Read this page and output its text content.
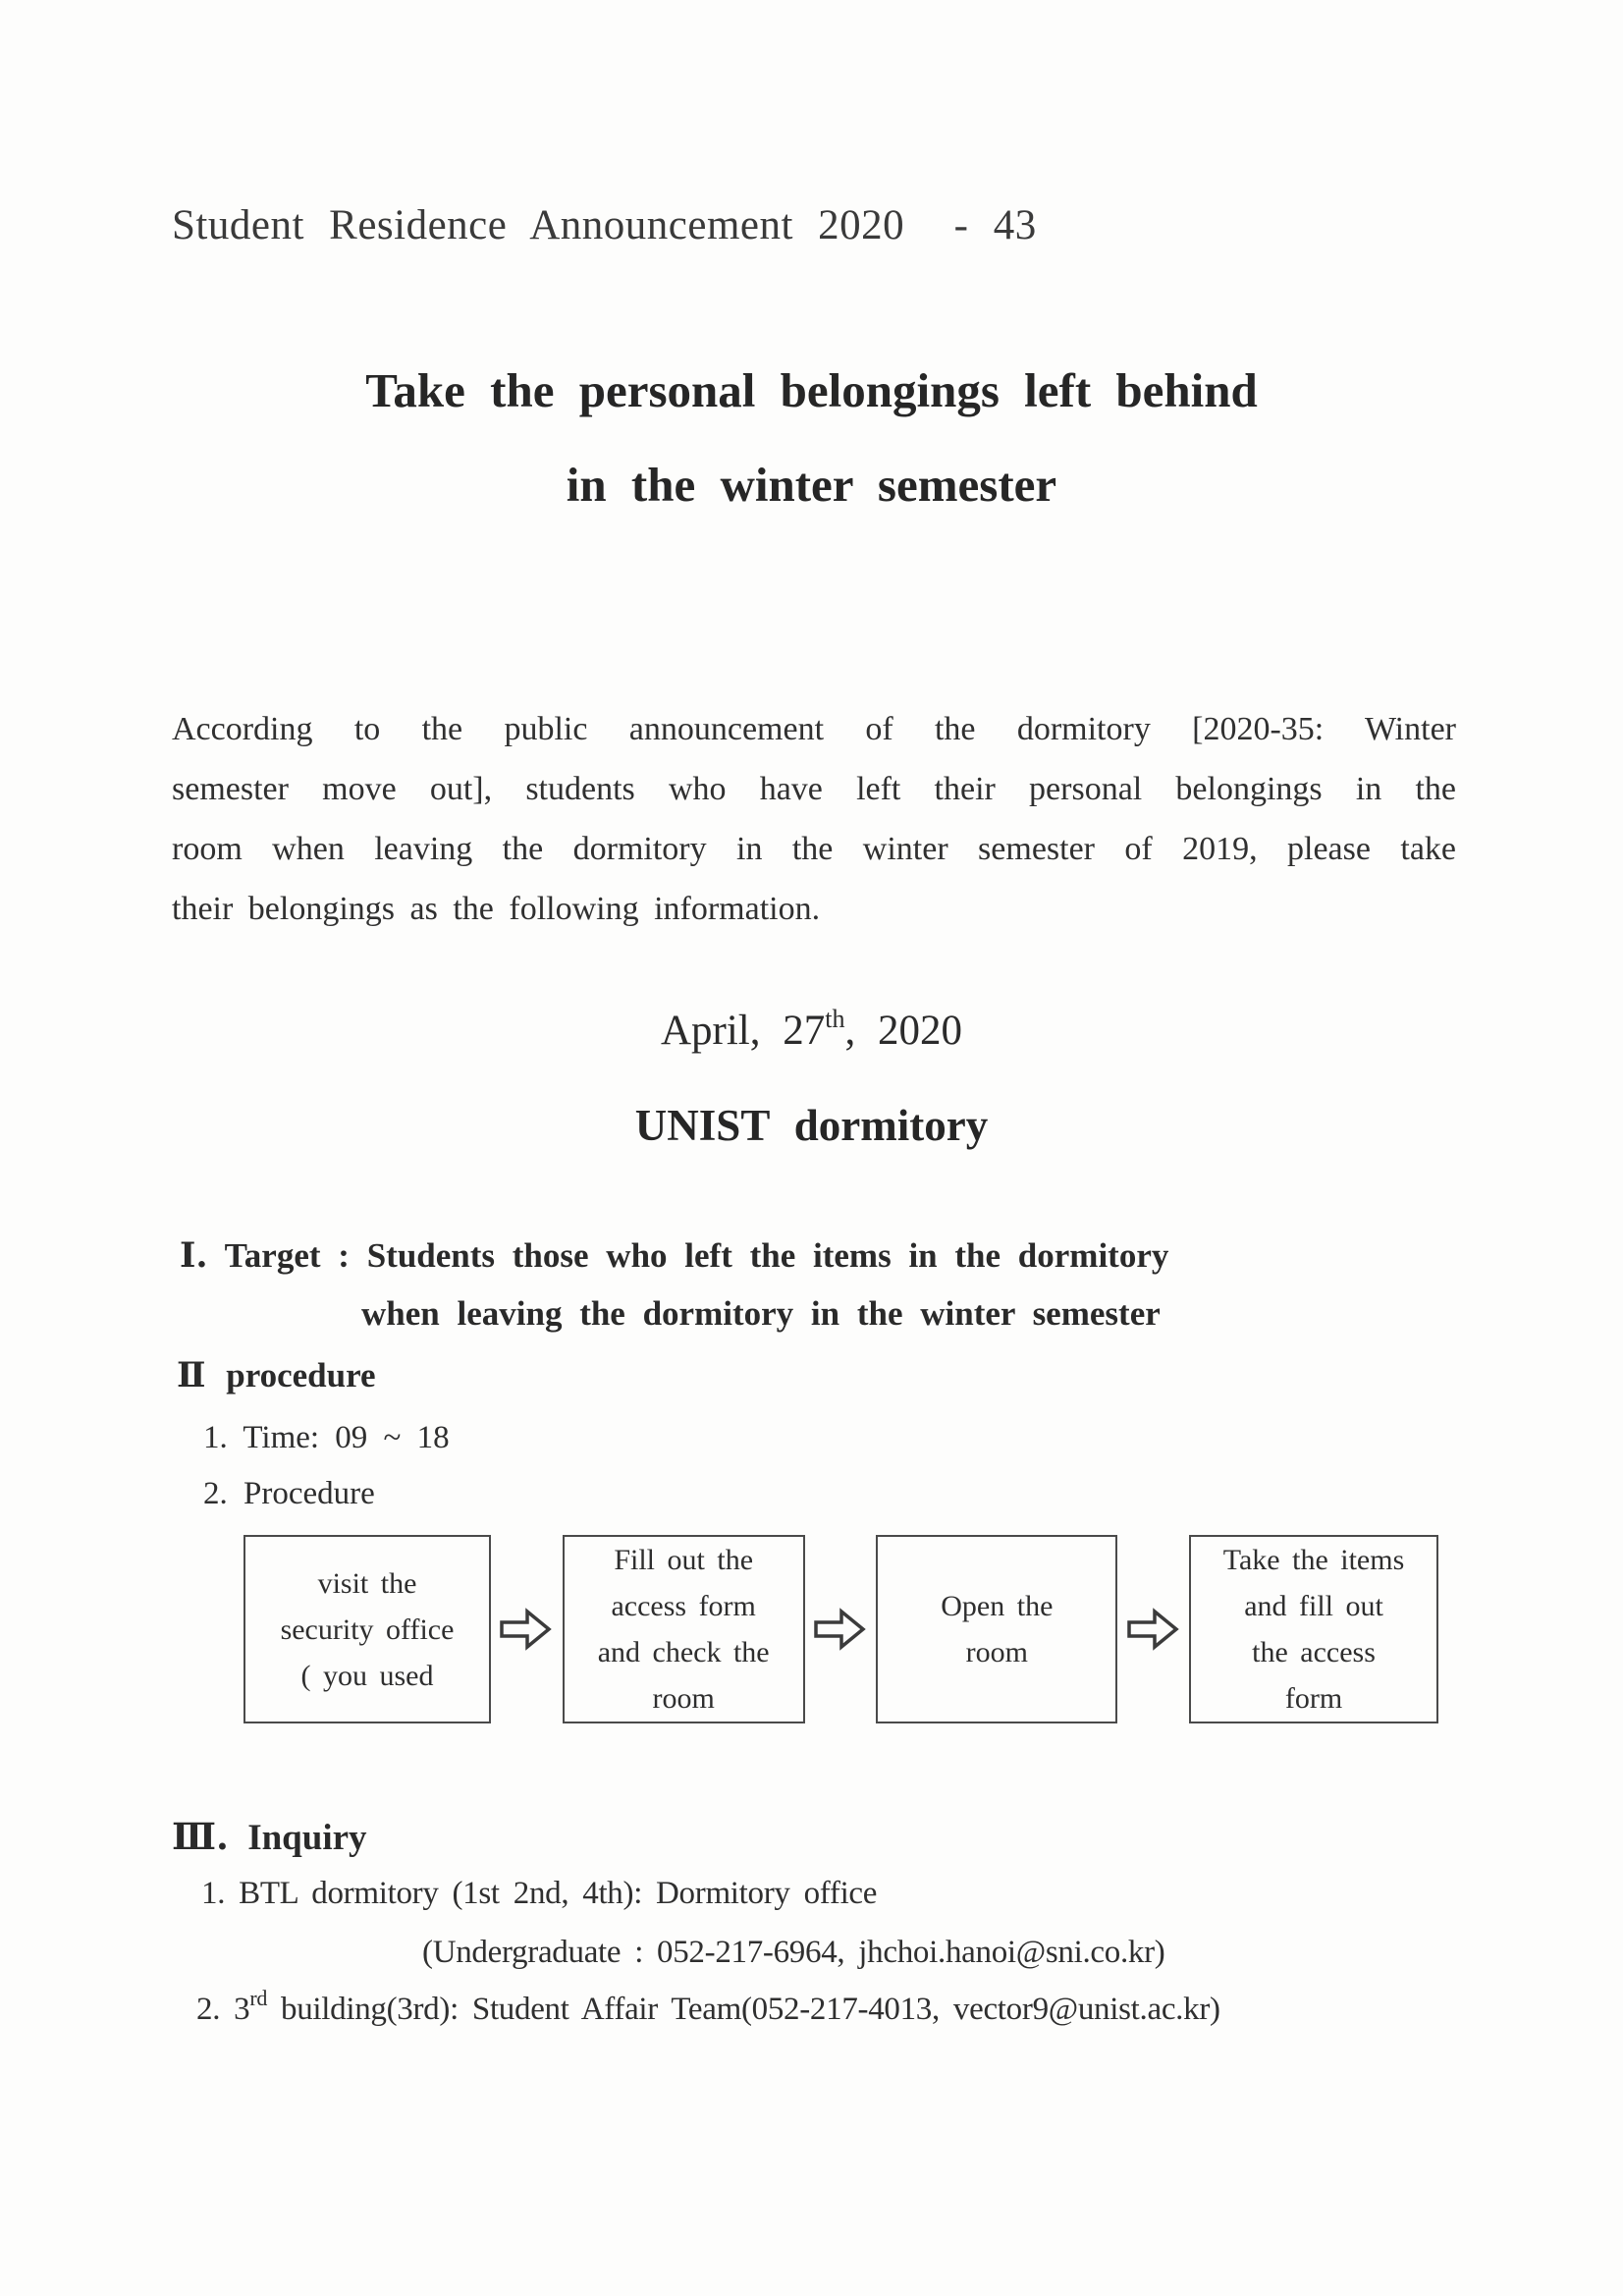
Student Residence Announcement 2020  - 43
Take the personal belongings left behind
in the winter semester
According to the public announcement of the dormitory [2020-35: Winter
semester move out], students who have left their personal belongings in the
room when leaving the dormitory in the winter semester of 2019, please take
their belongings as the following information.
April, 27th, 2020
UNIST dormitory
Ⅰ. Target : Students those who left the items in the dormitory
when leaving the dormitory in the winter semester
Ⅱ procedure
1. Time: 09 ~ 18
2. Procedure
visit the
security office
( you used
Fill out the
access form
and check the
room
Open the
room
Take the items
and fill out
the access
form
Ⅲ. Inquiry
1. BTL dormitory (1st 2nd, 4th): Dormitory office
(Undergraduate : 052-217-6964, jhchoi.hanoi@sni.co.kr)
2. 3rd building(3rd): Student Affair Team(052-217-4013, vector9@unist.ac.kr)
